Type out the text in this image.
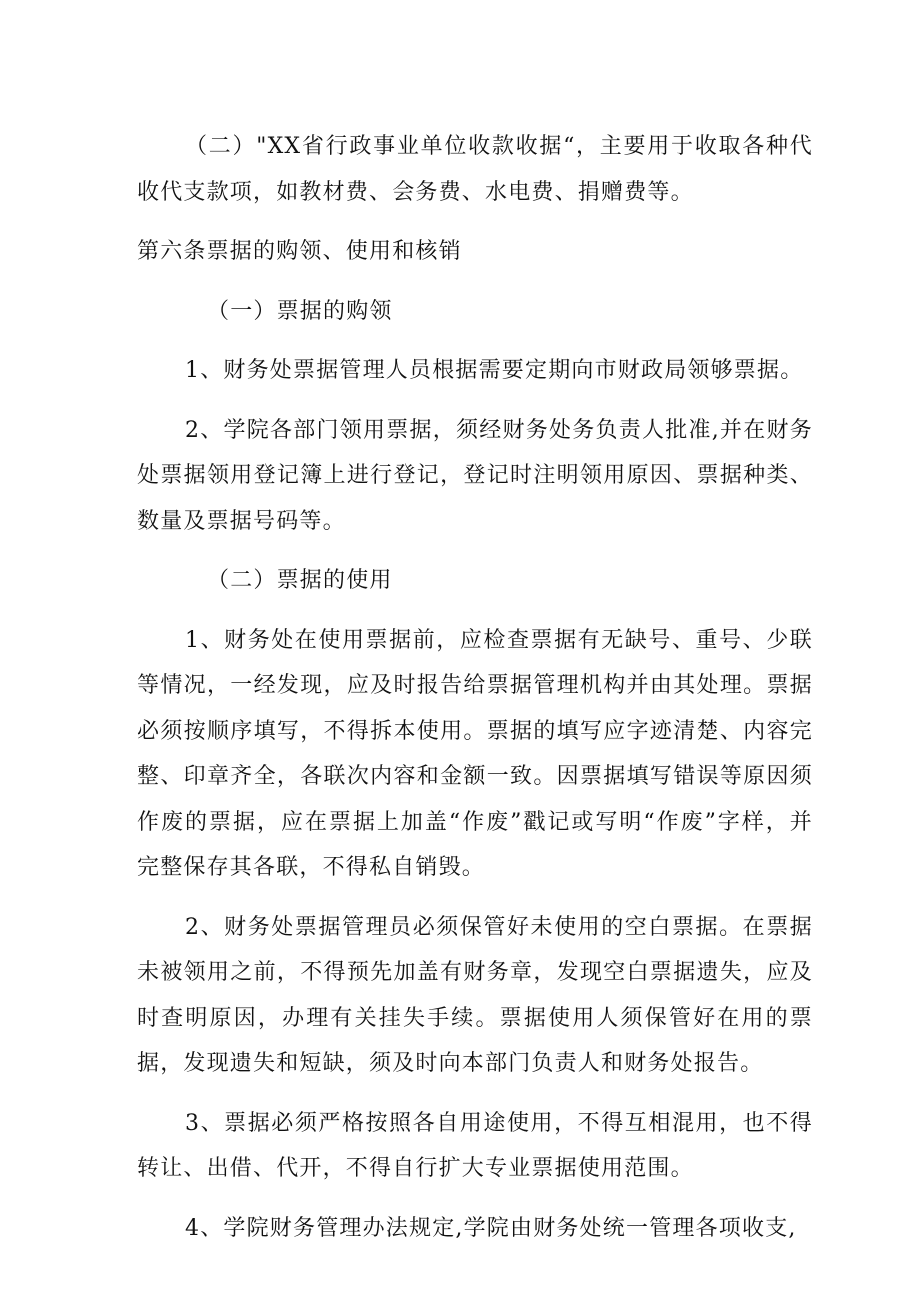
（二）"XX省行政事业单位收款收据“，主要用于收取各种代收代支款项，如教材费、会务费、水电费、捐赠费等。

第六条票据的购领、使用和核销

（一）票据的购领

1、财务处票据管理人员根据需要定期向市财政局领够票据。

2、学院各部门领用票据，须经财务处务负责人批准,并在财务处票据领用登记簿上进行登记，登记时注明领用原因、票据种类、数量及票据号码等。

（二）票据的使用

1、财务处在使用票据前，应检查票据有无缺号、重号、少联等情况，一经发现，应及时报告给票据管理机构并由其处理。票据必须按顺序填写，不得拆本使用。票据的填写应字迹清楚、内容完整、印章齐全，各联次内容和金额一致。因票据填写错误等原因须作废的票据，应在票据上加盖“作废”戳记或写明“作废”字样，并完整保存其各联，不得私自销毁。

2、财务处票据管理员必须保管好未使用的空白票据。在票据未被领用之前，不得预先加盖有财务章，发现空白票据遗失，应及时查明原因，办理有关挂失手续。票据使用人须保管好在用的票据，发现遗失和短缺，须及时向本部门负责人和财务处报告。

3、票据必须严格按照各自用途使用，不得互相混用，也不得转让、出借、代开，不得自行扩大专业票据使用范围。

4、学院财务管理办法规定,学院由财务处统一管理各项收支,
